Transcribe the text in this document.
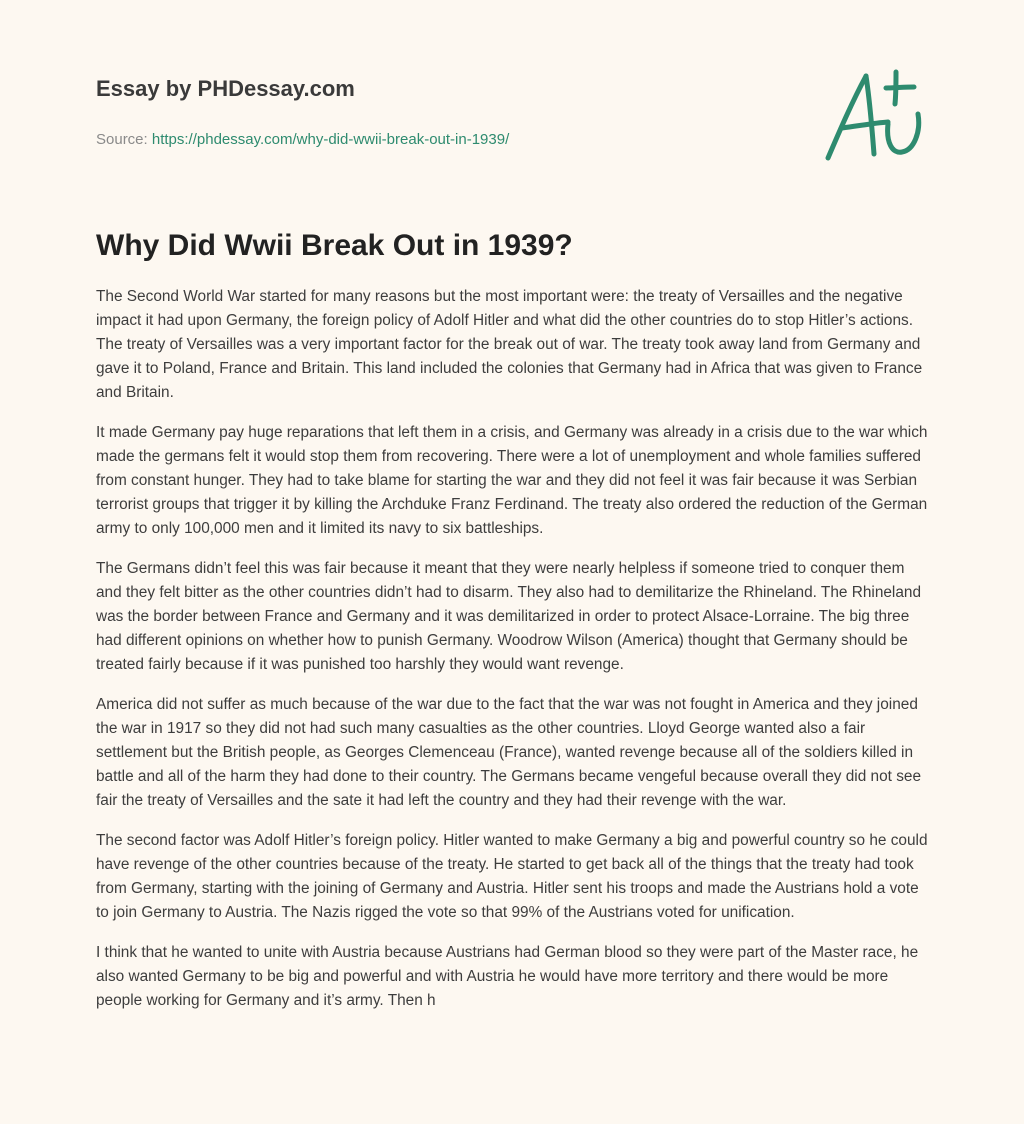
Essay by PHDessay.com
Source: https://phdessay.com/why-did-wwii-break-out-in-1939/
Why Did Wwii Break Out in 1939?

The Second World War started for many reasons but the most important were: the treaty of Versailles and the negative impact it had upon Germany, the foreign policy of Adolf Hitler and what did the other countries do to stop Hitler’s actions. The treaty of Versailles was a very important factor for the break out of war. The treaty took away land from Germany and gave it to Poland, France and Britain. This land included the colonies that Germany had in Africa that was given to France and Britain.

It made Germany pay huge reparations that left them in a crisis, and Germany was already in a crisis due to the war which made the germans felt it would stop them from recovering. There were a lot of unemployment and whole families suffered from constant hunger. They had to take blame for starting the war and they did not feel it was fair because it was Serbian terrorist groups that trigger it by killing the Archduke Franz Ferdinand. The treaty also ordered the reduction of the German army to only 100,000 men and it limited its navy to six battleships.

The Germans didn’t feel this was fair because it meant that they were nearly helpless if someone tried to conquer them and they felt bitter as the other countries didn’t had to disarm. They also had to demilitarize the Rhineland. The Rhineland was the border between France and Germany and it was demilitarized in order to protect Alsace-Lorraine. The big three had different opinions on whether how to punish Germany. Woodrow Wilson (America) thought that Germany should be treated fairly because if it was punished too harshly they would want revenge.

America did not suffer as much because of the war due to the fact that the war was not fought in America and they joined the war in 1917 so they did not had such many casualties as the other countries. Lloyd George wanted also a fair settlement but the British people, as Georges Clemenceau (France), wanted revenge because all of the soldiers killed in battle and all of the harm they had done to their country. The Germans became vengeful because overall they did not see fair the treaty of Versailles and the sate it had left the country and they had their revenge with the war.

The second factor was Adolf Hitler’s foreign policy. Hitler wanted to make Germany a big and powerful country so he could have revenge of the other countries because of the treaty. He started to get back all of the things that the treaty had took from Germany, starting with the joining of Germany and Austria. Hitler sent his troops and made the Austrians hold a vote to join Germany to Austria. The Nazis rigged the vote so that 99% of the Austrians voted for unification.

I think that he wanted to unite with Austria because Austrians had German blood so they were part of the Master race, he also wanted Germany to be big and powerful and with Austria he would have more territory and there would be more people working for Germany and it’s army. Then h
